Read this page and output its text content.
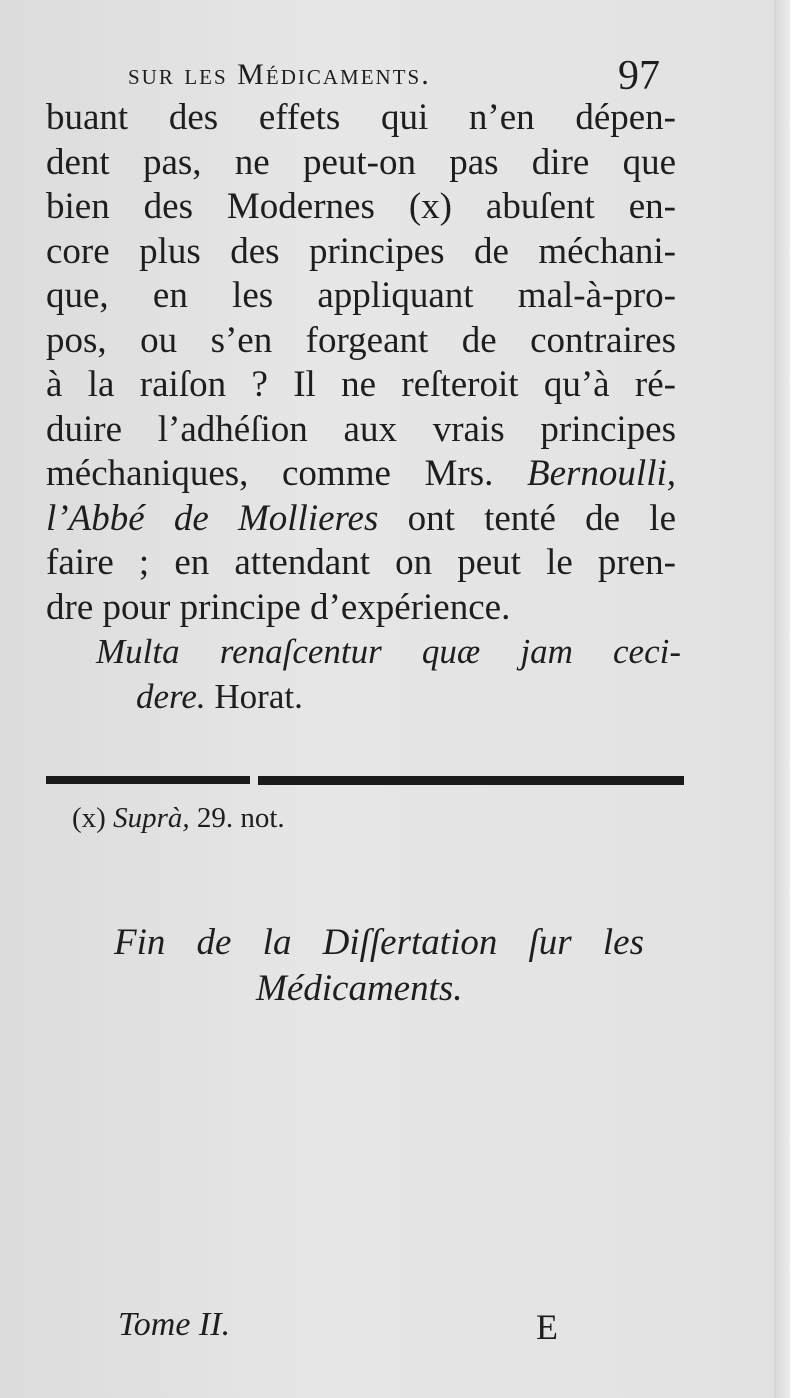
sur les Médicaments.	97
buant des effets qui n’en dépen-
dent pas, ne peut-on pas dire que
bien des Modernes (x) abuſent en-
core plus des principes de méchani-
que, en les appliquant mal-à-pro-
pos, ou s’en forgeant de contraires
à la raiſon ? Il ne reſteroit qu’à ré-
duire l’adhéſion aux vrais principes
méchaniques, comme Mrs. Bernoulli,
l’Abbé de Mollieres ont tenté de le
faire ; en attendant on peut le pren-
dre pour principe d’expérience.
Multa renaſcentur quæ jam ceci-
dere. Horat.
(x) Suprà, 29. not.
Fin de la Diſſertation ſur les
Médicaments.
Tome II.	E
